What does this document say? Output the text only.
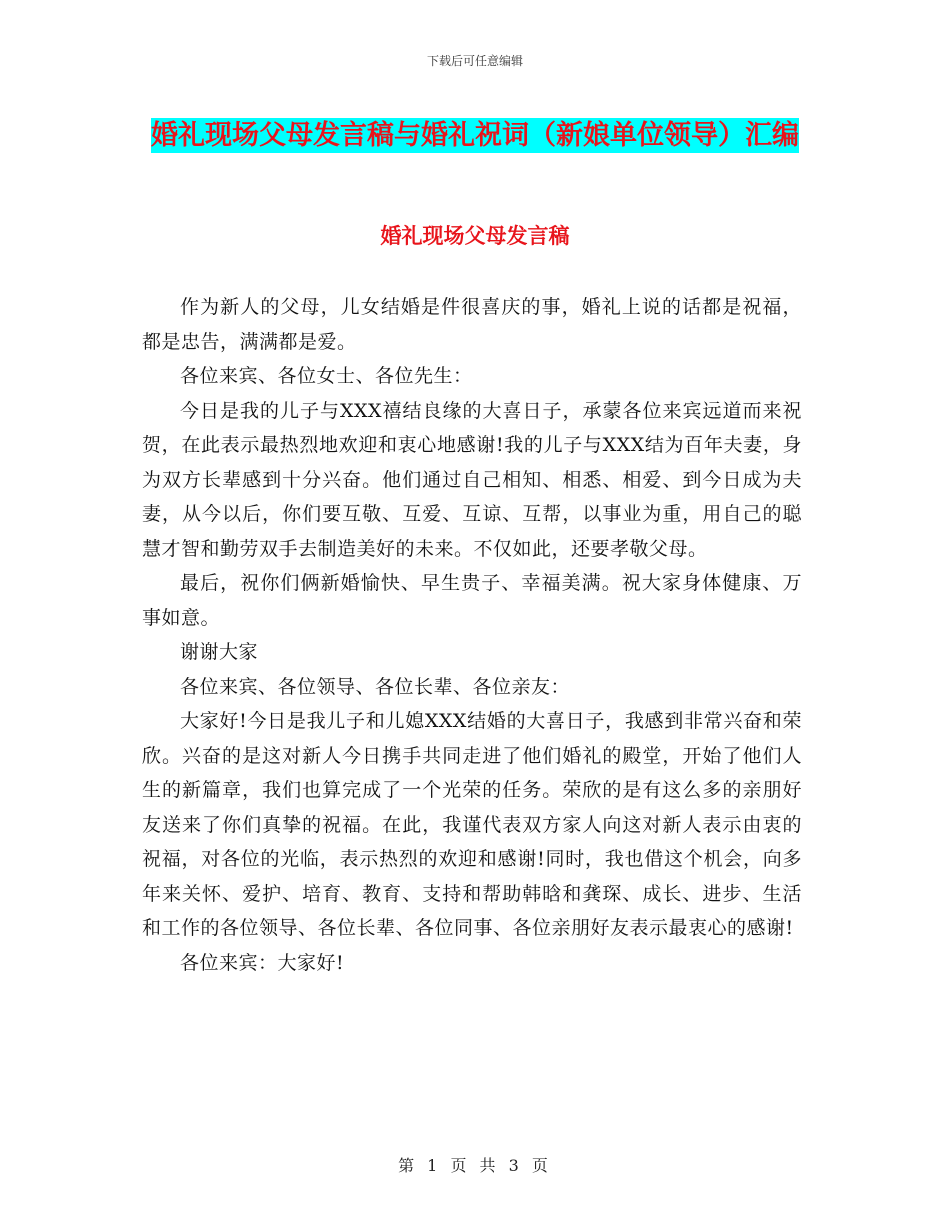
下载后可任意编辑
婚礼现场父母发言稿与婚礼祝词（新娘单位领导）汇编
婚礼现场父母发言稿

作为新人的父母，儿女结婚是件很喜庆的事，婚礼上说的话都是祝福，都是忠告，满满都是爱。

各位来宾、各位女士、各位先生：

今日是我的儿子与XXX禧结良缘的大喜日子，承蒙各位来宾远道而来祝贺，在此表示最热烈地欢迎和衷心地感谢!我的儿子与XXX结为百年夫妻，身为双方长辈感到十分兴奋。他们通过自己相知、相悉、相爱、到今日成为夫妻，从今以后，你们要互敬、互爱、互谅、互帮，以事业为重，用自己的聪慧才智和勤劳双手去制造美好的未来。不仅如此，还要孝敬父母。

最后，祝你们俩新婚愉快、早生贵子、幸福美满。祝大家身体健康、万事如意。

谢谢大家

各位来宾、各位领导、各位长辈、各位亲友：

大家好!今日是我儿子和儿媳XXX结婚的大喜日子，我感到非常兴奋和荣欣。兴奋的是这对新人今日携手共同走进了他们婚礼的殿堂，开始了他们人生的新篇章，我们也算完成了一个光荣的任务。荣欣的是有这么多的亲朋好友送来了你们真挚的祝福。在此，我谨代表双方家人向这对新人表示由衷的祝福，对各位的光临，表示热烈的欢迎和感谢!同时，我也借这个机会，向多年来关怀、爱护、培育、教育、支持和帮助韩晗和龚琛、成长、进步、生活和工作的各位领导、各位长辈、各位同事、各位亲朋好友表示最衷心的感谢!

各位来宾：大家好!

第 1 页 共 3 页
